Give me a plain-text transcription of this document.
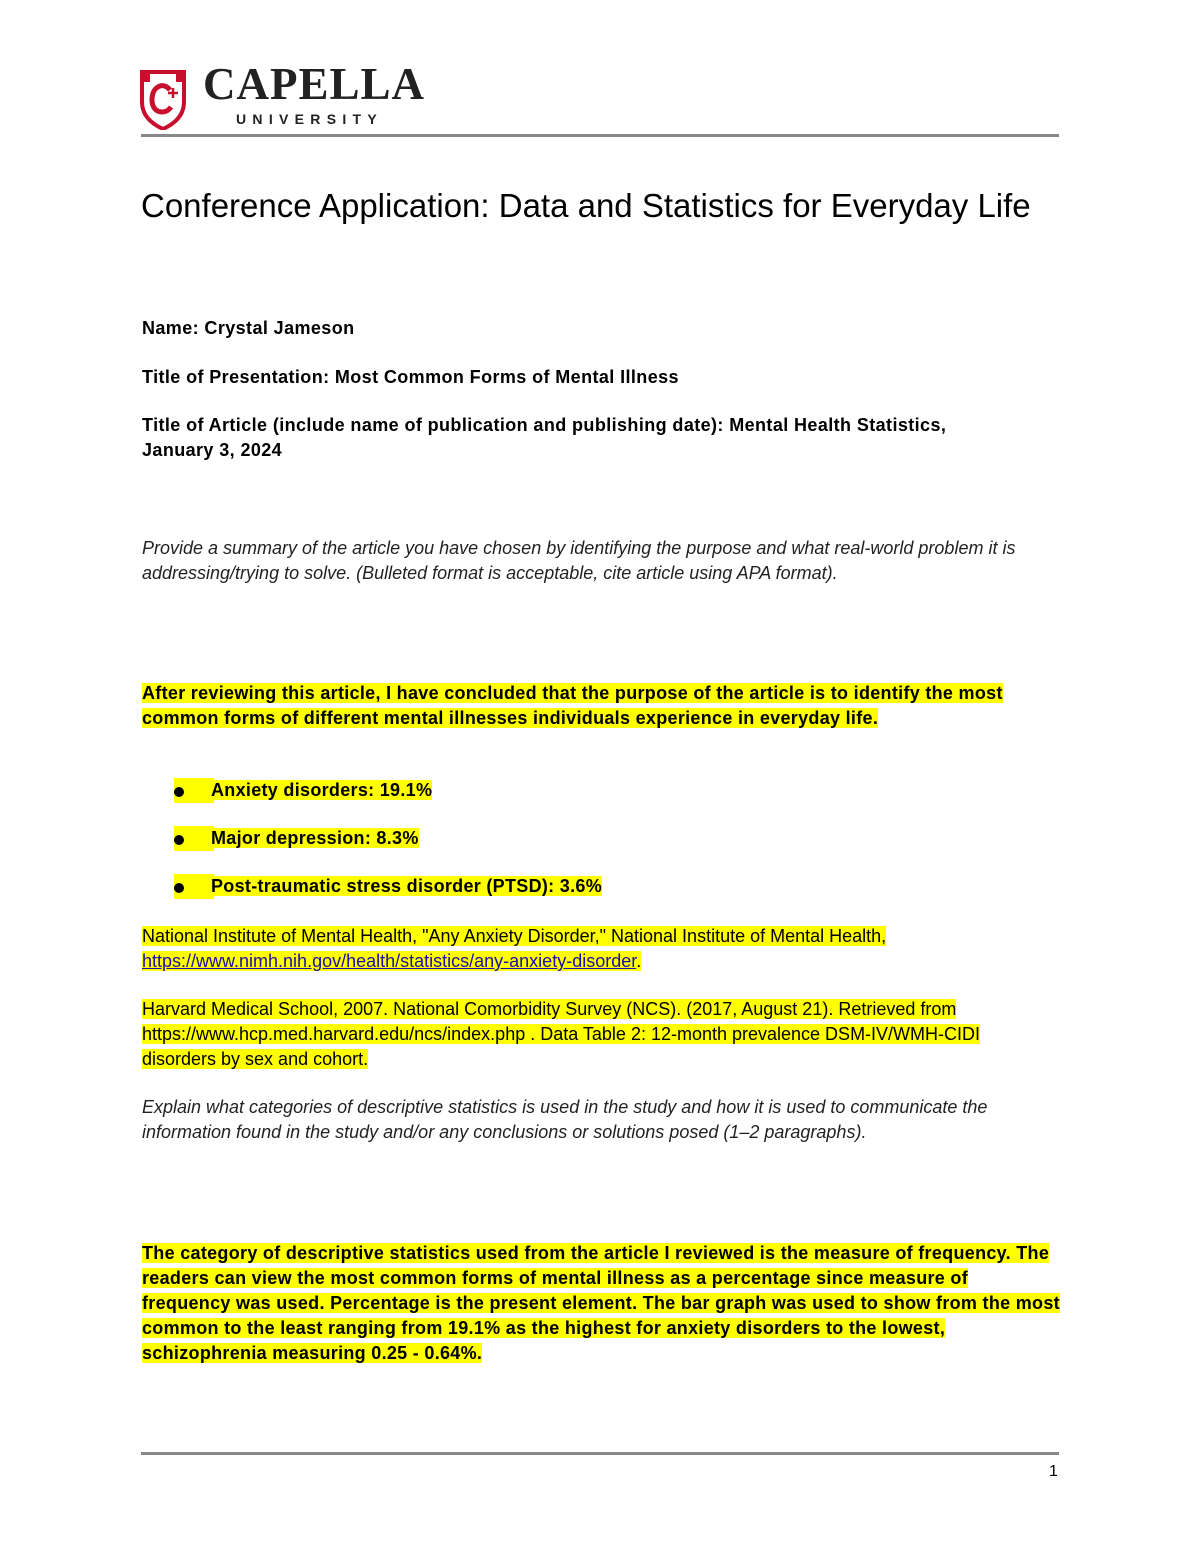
CAPELLA
UNIVERSITY
Conference Application: Data and Statistics for Everyday Life

Name: Crystal Jameson

Title of Presentation: Most Common Forms of Mental Illness

Title of Article (include name of publication and publishing date): Mental Health Statistics, January 3, 2024

Provide a summary of the article you have chosen by identifying the purpose and what real-world problem it is addressing/trying to solve. (Bulleted format is acceptable, cite article using APA format).

After reviewing this article, I have concluded that the purpose of the article is to identify the most common forms of different mental illnesses individuals experience in everyday life.

Anxiety disorders: 19.1%
Major depression: 8.3%
Post-traumatic stress disorder (PTSD): 3.6%

National Institute of Mental Health, "Any Anxiety Disorder," National Institute of Mental Health, https://www.nimh.nih.gov/health/statistics/any-anxiety-disorder.

Harvard Medical School, 2007. National Comorbidity Survey (NCS). (2017, August 21). Retrieved from https://www.hcp.med.harvard.edu/ncs/index.php . Data Table 2: 12-month prevalence DSM-IV/WMH-CIDI disorders by sex and cohort.

Explain what categories of descriptive statistics is used in the study and how it is used to communicate the information found in the study and/or any conclusions or solutions posed (1–2 paragraphs).

The category of descriptive statistics used from the article I reviewed is the measure of frequency. The readers can view the most common forms of mental illness as a percentage since measure of frequency was used. Percentage is the present element. The bar graph was used to show from the most common to the least ranging from 19.1% as the highest for anxiety disorders to the lowest, schizophrenia measuring 0.25 - 0.64%.

1
